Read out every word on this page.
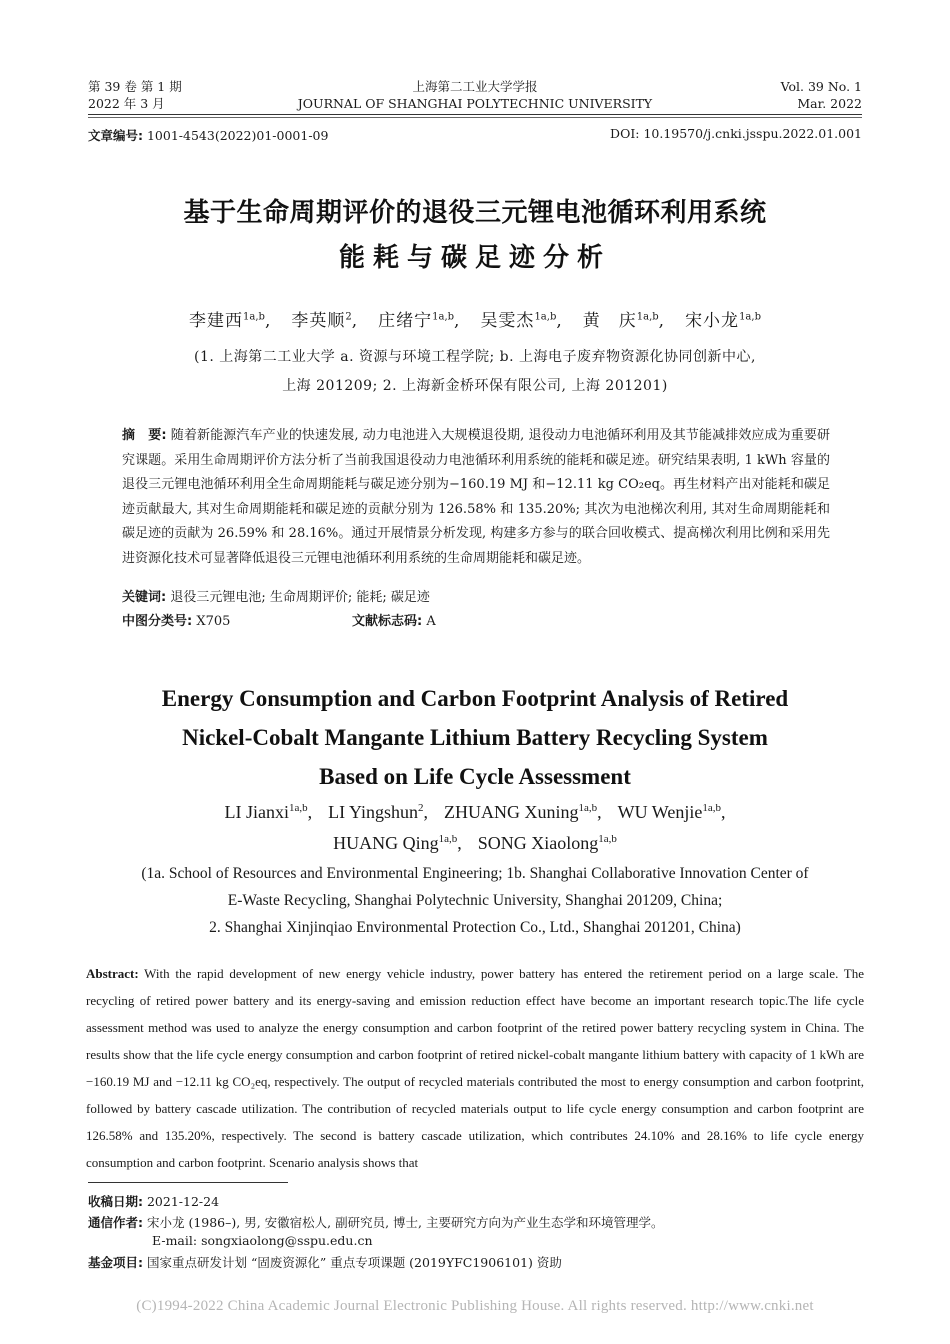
第 39 卷 第 1 期
2022 年 3 月
上海第二工业大学学报
JOURNAL OF SHANGHAI POLYTECHNIC UNIVERSITY
Vol. 39 No. 1
Mar. 2022
文章编号: 1001-4543(2022)01-0001-09	DOI: 10.19570/j.cnki.jsspu.2022.01.001
基于生命周期评价的退役三元锂电池循环利用系统
能耗与碳足迹分析
李建西$^{1a,b}$, 李英顺$^2$, 庄绪宁$^{1a,b}$, 吴雯杰$^{1a,b}$, 黄　庆$^{1a,b}$, 宋小龙$^{1a,b}$
(1. 上海第二工业大学 a. 资源与环境工程学院; b. 上海电子废弃物资源化协同创新中心,
上海 201209; 2. 上海新金桥环保有限公司, 上海 201201)
摘　要: 随着新能源汽车产业的快速发展, 动力电池进入大规模退役期, 退役动力电池循环利用及其节能减排效应成为重要研究课题。采用生命周期评价方法分析了当前我国退役动力电池循环利用系统的能耗和碳足迹。研究结果表明, 1 kWh 容量的退役三元锂电池循环利用全生命周期能耗与碳足迹分别为−160.19 MJ 和−12.11 kg CO₂eq。再生材料产出对能耗和碳足迹贡献最大, 其对生命周期能耗和碳足迹的贡献分别为 126.58% 和 135.20%; 其次为电池梯次利用, 其对生命周期能耗和碳足迹的贡献为 26.59% 和 28.16%。通过开展情景分析发现, 构建多方参与的联合回收模式、提高梯次利用比例和采用先进资源化技术可显著降低退役三元锂电池循环利用系统的生命周期能耗和碳足迹。
关键词: 退役三元锂电池; 生命周期评价; 能耗; 碳足迹
中图分类号: X705	文献标志码: A
Energy Consumption and Carbon Footprint Analysis of Retired
Nickel-Cobalt Mangante Lithium Battery Recycling System
Based on Life Cycle Assessment
LI Jianxi$^{1a,b}$, LI Yingshun$^2$, ZHUANG Xuning$^{1a,b}$, WU Wenjie$^{1a,b}$,
HUANG Qing$^{1a,b}$, SONG Xiaolong$^{1a,b}$
(1a. School of Resources and Environmental Engineering; 1b. Shanghai Collaborative Innovation Center of
E-Waste Recycling, Shanghai Polytechnic University, Shanghai 201209, China;
2. Shanghai Xinjinqiao Environmental Protection Co., Ltd., Shanghai 201201, China)
Abstract: With the rapid development of new energy vehicle industry, power battery has entered the retirement period on a large scale. The recycling of retired power battery and its energy-saving and emission reduction effect have become an important research topic.The life cycle assessment method was used to analyze the energy consumption and carbon footprint of the retired power battery recycling system in China. The results show that the life cycle energy consumption and carbon footprint of retired nickel-cobalt mangante lithium battery with capacity of 1 kWh are −160.19 MJ and −12.11 kg CO₂eq, respectively. The output of recycled materials contributed the most to energy consumption and carbon footprint, followed by battery cascade utilization. The contribution of recycled materials output to life cycle energy consumption and carbon footprint are 126.58% and 135.20%, respectively. The second is battery cascade utilization, which contributes 24.10% and 28.16% to life cycle energy consumption and carbon footprint. Scenario analysis shows that
收稿日期: 2021-12-24
通信作者: 宋小龙 (1986–), 男, 安徽宿松人, 副研究员, 博士, 主要研究方向为产业生态学和环境管理学。
E-mail: songxiaolong@sspu.edu.cn
基金项目: 国家重点研发计划 “固废资源化” 重点专项课题 (2019YFC1906101) 资助
(C)1994-2022 China Academic Journal Electronic Publishing House. All rights reserved. http://www.cnki.net
